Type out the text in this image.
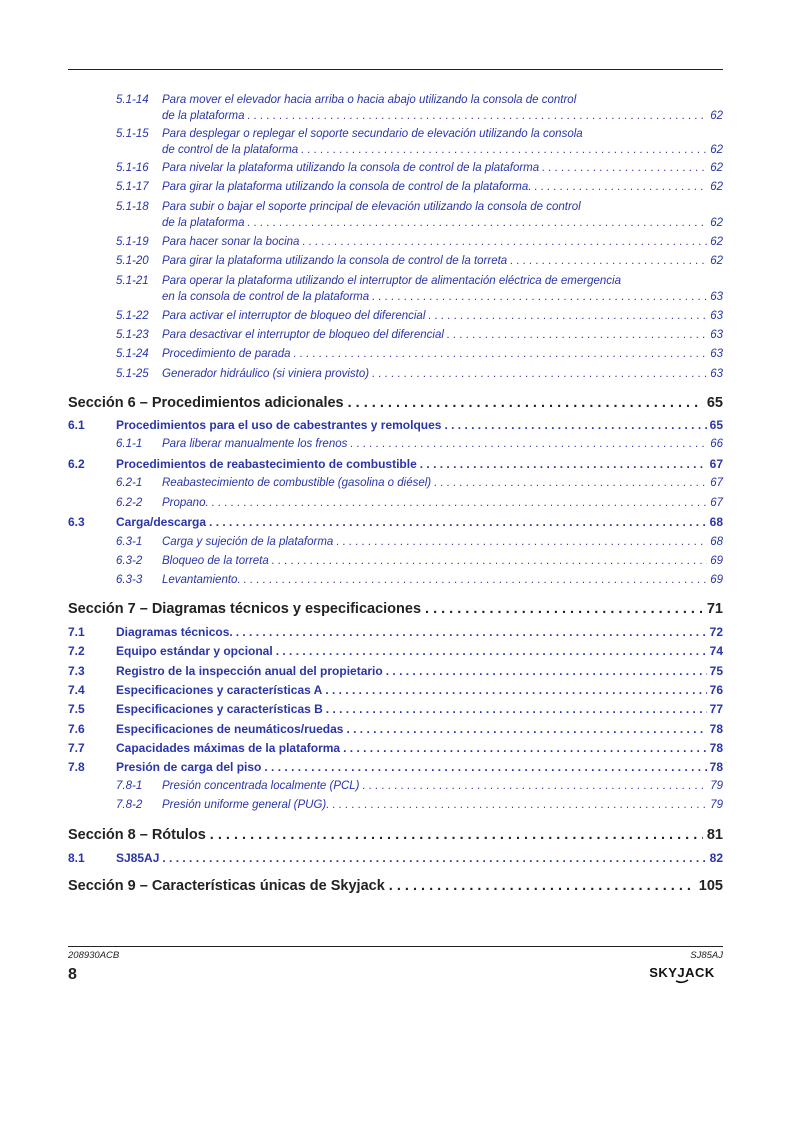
5.1-14 Para mover el elevador hacia arriba o hacia abajo utilizando la consola de control
de la plataforma . . .	62
5.1-15 Para desplegar o replegar el soporte secundario de elevación utilizando la consola
de control de la plataforma . . .	62
5.1-16 Para nivelar la plataforma utilizando la consola de control de la plataforma . . .	62
5.1-17 Para girar la plataforma utilizando la consola de control de la plataforma. . . .	62
5.1-18 Para subir o bajar el soporte principal de elevación utilizando la consola de control
de la plataforma . . .	62
5.1-19 Para hacer sonar la bocina . . .	62
5.1-20 Para girar la plataforma utilizando la consola de control de la torreta . . .	62
5.1-21 Para operar la plataforma utilizando el interruptor de alimentación eléctrica de emergencia
en la consola de control de la plataforma . . .	63
5.1-22 Para activar el interruptor de bloqueo del diferencial . . .	63
5.1-23 Para desactivar el interruptor de bloqueo del diferencial . . .	63
5.1-24 Procedimiento de parada . . .	63
5.1-25 Generador hidráulico (si viniera provisto) . . .	63
Sección 6 – Procedimientos adicionales . . .	65
6.1	Procedimientos para el uso de cabestrantes y remolques . . .	65
6.1-1 Para liberar manualmente los frenos . . .	66
6.2	Procedimientos de reabastecimiento de combustible . . .	67
6.2-1 Reabastecimiento de combustible (gasolina o diésel) . . .	67
6.2-2 Propano. . . .	67
6.3	Carga/descarga . . .	68
6.3-1 Carga y sujeción de la plataforma . . .	68
6.3-2 Bloqueo de la torreta . . .	69
6.3-3 Levantamiento. . . .	69
Sección 7 – Diagramas técnicos y especificaciones . . .	71
7.1	Diagramas técnicos. . . .	72
7.2	Equipo estándar y opcional . . .	74
7.3	Registro de la inspección anual del propietario . . .	75
7.4	Especificaciones y características A . . .	76
7.5	Especificaciones y características B . . .	77
7.6	Especificaciones de neumáticos/ruedas . . .	78
7.7	Capacidades máximas de la plataforma . . .	78
7.8	Presión de carga del piso . . .	78
7.8-1 Presión concentrada localmente (PCL) . . .	79
7.8-2 Presión uniforme general (PUG). . . .	79
Sección 8 – Rótulos . . .	81
8.1	SJ85AJ . . .	82
Sección 9 – Características únicas de Skyjack . . .	105
208930ACB	SJ85AJ
8	SKYJACK
